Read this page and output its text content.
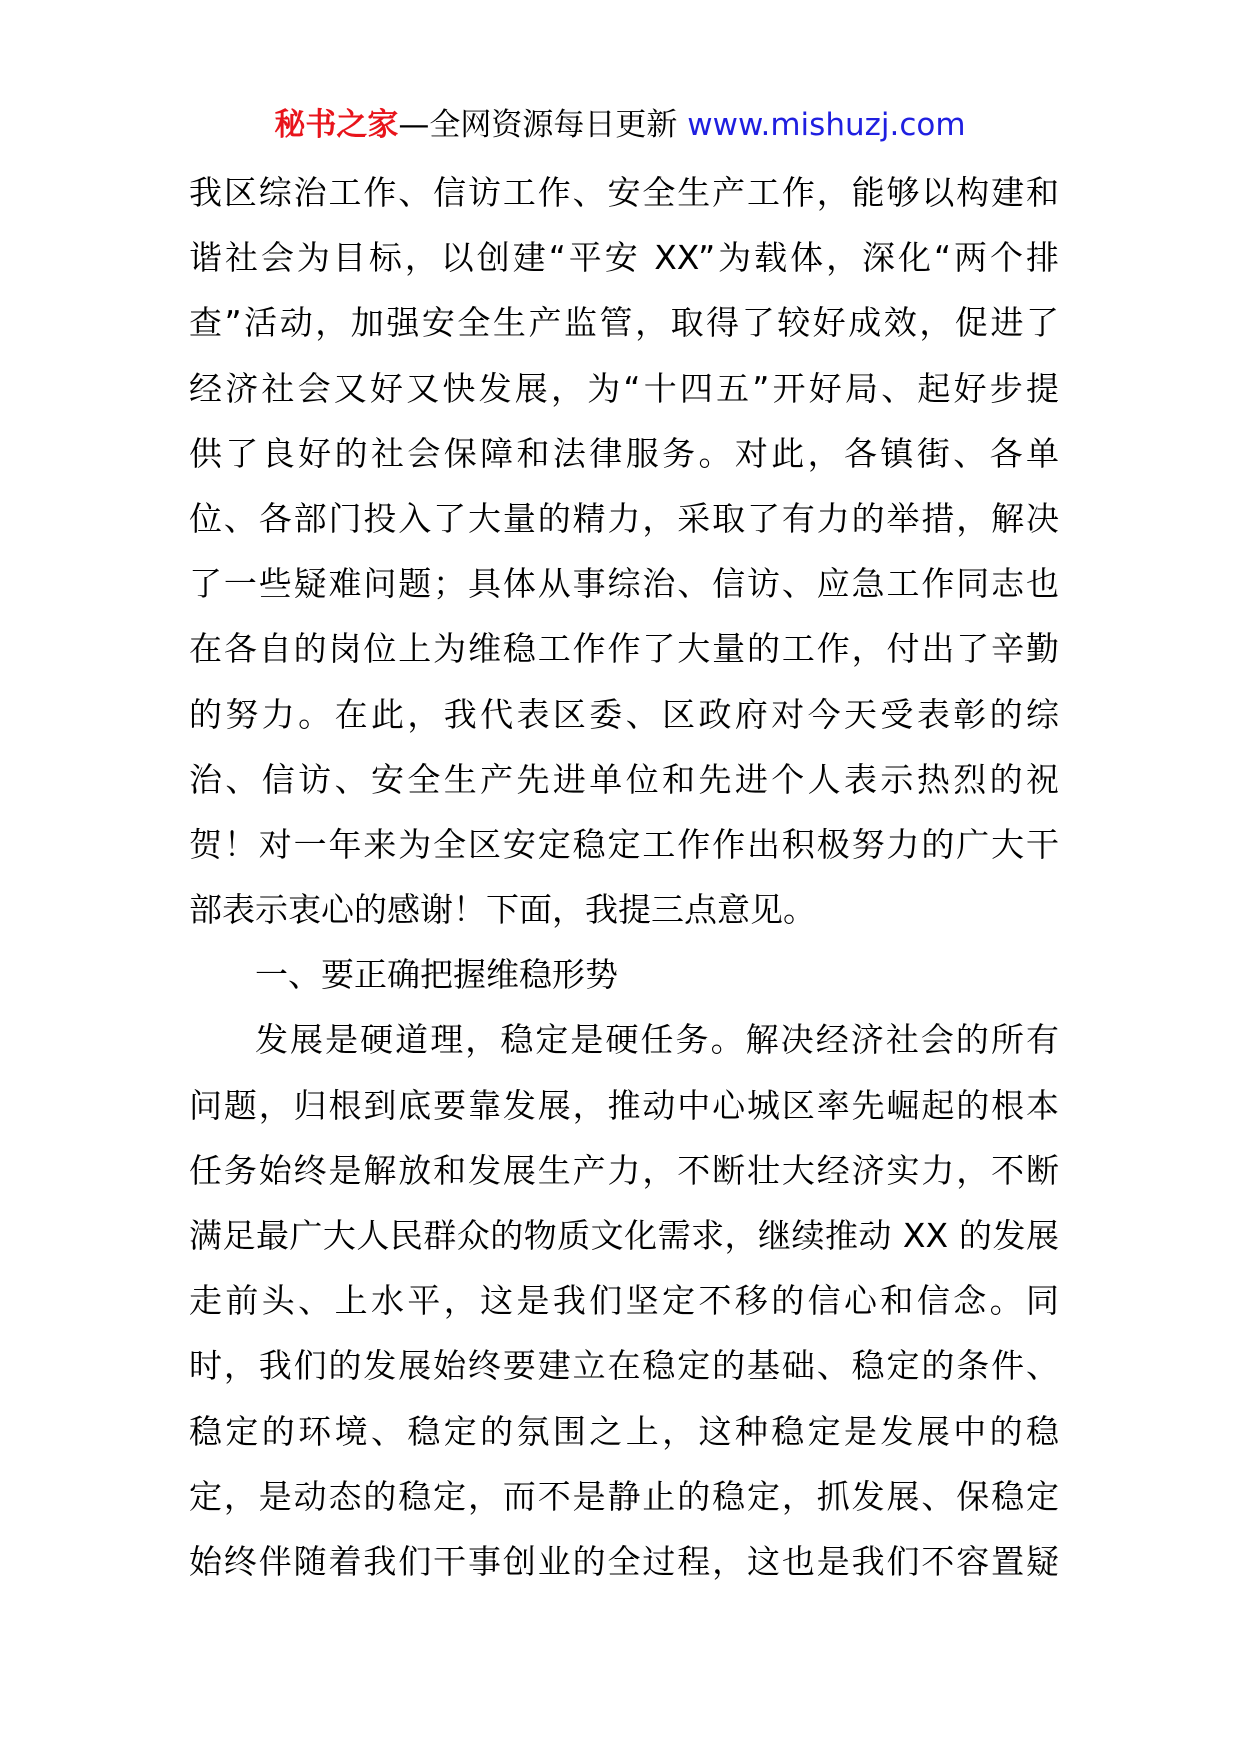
秘书之家—全网资源每日更新 www.mishuzj.com
我区综治工作、信访工作、安全生产工作，能够以构建和
谐社会为目标，以创建“平安 XX”为载体，深化“两个排
查”活动，加强安全生产监管，取得了较好成效，促进了
经济社会又好又快发展，为“十四五”开好局、起好步提
供了良好的社会保障和法律服务。对此，各镇街、各单
位、各部门投入了大量的精力，采取了有力的举措，解决
了一些疑难问题；具体从事综治、信访、应急工作同志也
在各自的岗位上为维稳工作作了大量的工作，付出了辛勤
的努力。在此，我代表区委、区政府对今天受表彰的综
治、信访、安全生产先进单位和先进个人表示热烈的祝
贺！对一年来为全区安定稳定工作作出积极努力的广大干
部表示衷心的感谢！下面，我提三点意见。
一、要正确把握维稳形势
发展是硬道理，稳定是硬任务。解决经济社会的所有
问题，归根到底要靠发展，推动中心城区率先崛起的根本
任务始终是解放和发展生产力，不断壮大经济实力，不断
满足最广大人民群众的物质文化需求，继续推动 XX 的发展
走前头、上水平，这是我们坚定不移的信心和信念。同
时，我们的发展始终要建立在稳定的基础、稳定的条件、
稳定的环境、稳定的氛围之上，这种稳定是发展中的稳
定，是动态的稳定，而不是静止的稳定，抓发展、保稳定
始终伴随着我们干事创业的全过程，这也是我们不容置疑
